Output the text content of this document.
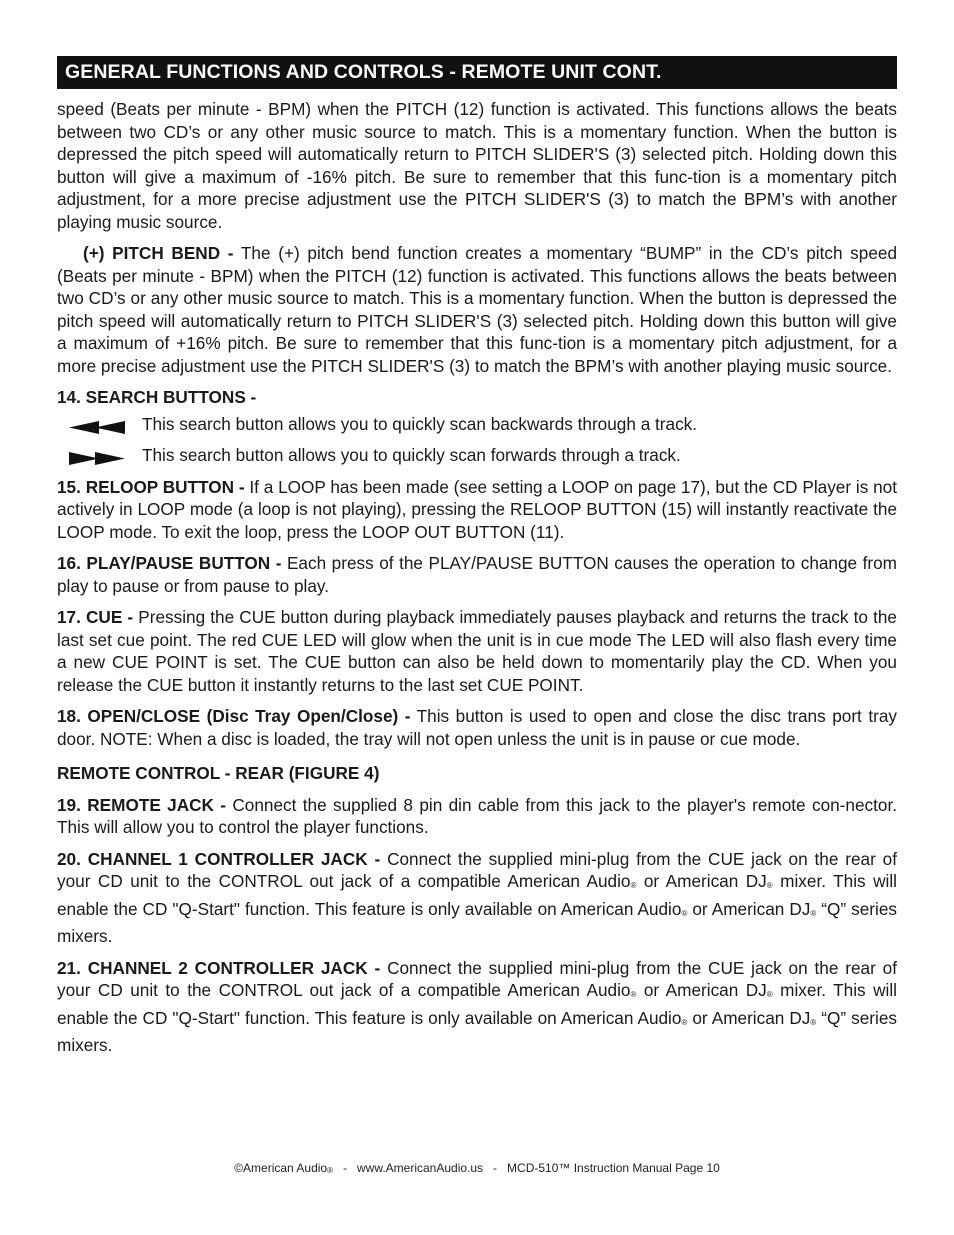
GENERAL FUNCTIONS AND CONTROLS - REMOTE UNIT CONT.

speed (Beats per minute - BPM) when the PITCH (12) function is activated. This functions allows the beats between two CD’s or any other music source to match. This is a momentary function. When the button is depressed the pitch speed will automatically return to PITCH SLIDER'S (3) selected pitch. Holding down this button will give a maximum of -16% pitch. Be sure to remember that this func-tion is a momentary pitch adjustment, for a more precise adjustment use the PITCH SLIDER'S (3) to match the BPM’s with another playing music source.

(+) PITCH BEND - The (+) pitch bend function creates a momentary “BUMP” in the CD’s pitch speed (Beats per minute - BPM) when the PITCH (12) function is activated. This functions allows the beats between two CD’s or any other music source to match. This is a momentary function. When the button is depressed the pitch speed will automatically return to PITCH SLIDER'S (3) selected pitch. Holding down this button will give a maximum of +16% pitch. Be sure to remember that this func-tion is a momentary pitch adjustment, for a more precise adjustment use the PITCH SLIDER'S (3) to match the BPM’s with another playing music source.

14. SEARCH BUTTONS -
This search button allows you to quickly scan backwards through a track.
This search button allows you to quickly scan forwards through a track.

15. RELOOP BUTTON - If a LOOP has been made (see setting a LOOP on page 17), but the CD Player is not actively in LOOP mode (a loop is not playing), pressing the RELOOP BUTTON (15) will instantly reactivate the LOOP mode. To exit the loop, press the LOOP OUT BUTTON (11).

16. PLAY/PAUSE BUTTON - Each press of the PLAY/PAUSE BUTTON causes the operation to change from play to pause or from pause to play.

17. CUE - Pressing the CUE button during playback immediately pauses playback and returns the track to the last set cue point. The red CUE LED will glow when the unit is in cue mode The LED will also flash every time a new CUE POINT is set. The CUE button can also be held down to momentarily play the CD. When you release the CUE button it instantly returns to the last set CUE POINT.

18. OPEN/CLOSE (Disc Tray Open/Close) - This button is used to open and close the disc trans port tray door. NOTE: When a disc is loaded, the tray will not open unless the unit is in pause or cue mode.

REMOTE CONTROL - REAR (FIGURE 4)

19. REMOTE JACK - Connect the supplied 8 pin din cable from this jack to the player's remote con-nector. This will allow you to control the player functions.

20. CHANNEL 1 CONTROLLER JACK - Connect the supplied mini-plug from the CUE jack on the rear of your CD unit to the CONTROL out jack of a compatible American Audio® or American DJ® mixer. This will enable the CD "Q-Start" function. This feature is only available on American Audio® or American DJ® “Q” series mixers.

21. CHANNEL 2 CONTROLLER JACK - Connect the supplied mini-plug from the CUE jack on the rear of your CD unit to the CONTROL out jack of a compatible American Audio® or American DJ® mixer. This will enable the CD "Q-Start" function. This feature is only available on American Audio® or American DJ® “Q” series mixers.

©American Audio®   -   www.AmericanAudio.us   -   MCD-510™ Instruction Manual Page 10
